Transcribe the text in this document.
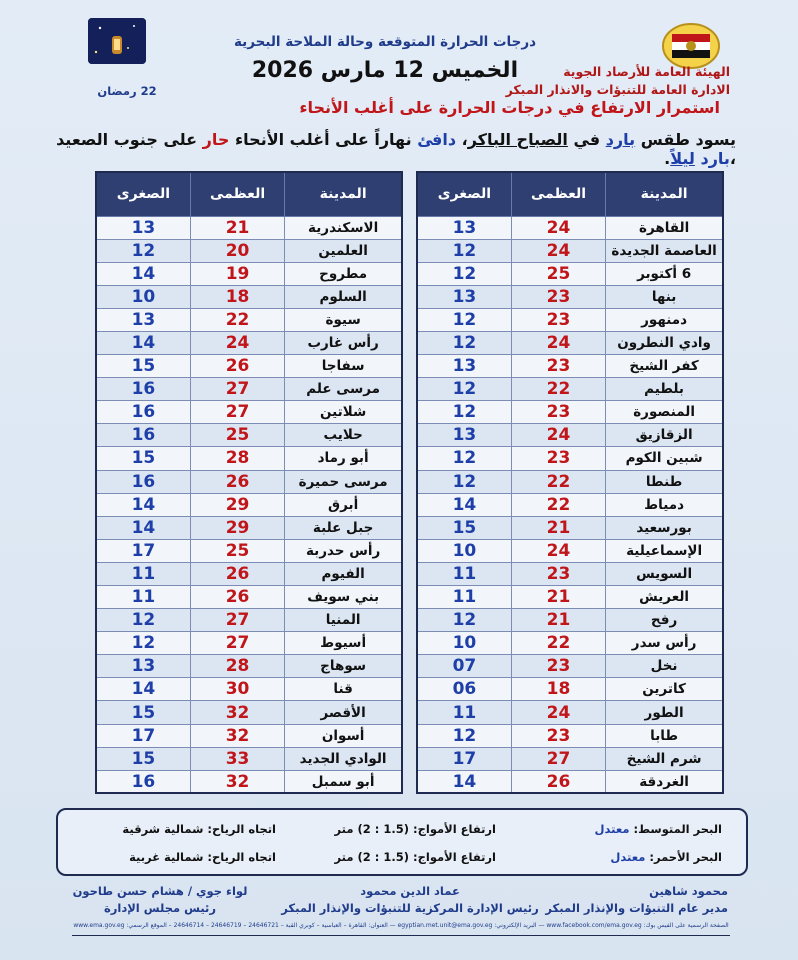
الهيئة العامة للأرصاد الجوية
الادارة العامة للتنبؤات والانذار المبكر
درجات الحرارة المتوقعة وحالة الملاحة البحرية
الخميس 12 مارس 2026
22 رمضان
استمرار الارتفاع في درجات الحرارة على أغلب الأنحاء
يسود طقس بارد في الصباح الباكر، دافئ نهاراً على أغلب الأنحاء حار على جنوب الصعيد ،بارد ليلاً.
المدينة	العظمى	الصغرى
القاهرة	24	13
العاصمة الجديدة	24	12
6 أكتوبر	25	12
بنها	23	13
دمنهور	23	12
وادي النطرون	24	12
كفر الشيخ	23	13
بلطيم	22	12
المنصورة	23	12
الزقازيق	24	13
شبين الكوم	23	12
طنطا	22	12
دمياط	22	14
بورسعيد	21	15
الإسماعيلية	24	10
السويس	23	11
العريش	21	11
رفح	21	12
رأس سدر	22	10
نخل	23	07
كاترين	18	06
الطور	24	11
طابا	23	12
شرم الشيخ	27	17
الغردقة	26	14
المدينة	العظمى	الصغرى
الاسكندرية	21	13
العلمين	20	12
مطروح	19	14
السلوم	18	10
سيوة	22	13
رأس غارب	24	14
سفاجا	26	15
مرسى علم	27	16
شلاتين	27	16
حلايب	25	16
أبو رماد	28	15
مرسى حميرة	26	16
أبرق	29	14
جبل علبة	29	14
رأس حدربة	25	17
الفيوم	26	11
بني سويف	26	11
المنيا	27	12
أسيوط	27	12
سوهاج	28	13
قنا	30	14
الأقصر	32	15
أسوان	32	17
الوادي الجديد	33	15
أبو سمبل	32	16
البحر المتوسط: معتدل
ارتفاع الأمواج: (1.5 : 2) متر
اتجاه الرياح: شمالية شرقية
البحر الأحمر: معتدل
ارتفاع الأمواج: (1.5 : 2) متر
اتجاه الرياح: شمالية غربية
محمود شاهين
مدير عام التنبؤات والإنذار المبكر
عماد الدين محمود
رئيس الإدارة المركزية للتنبؤات والإنذار المبكر
لواء جوي / هشام حسن طاحون
رئيس مجلس الإدارة
الصفحة الرسمية على الفيس بوك: www.facebook.com/ema.gov.eg — البريد الإلكتروني: egyptian.met.unit@ema.gov.eg — العنوان: القاهرة – العباسية – كوبري القبة – 24646721 – 24646719 – 24646714 – الموقع الرسمي: www.ema.gov.eg
